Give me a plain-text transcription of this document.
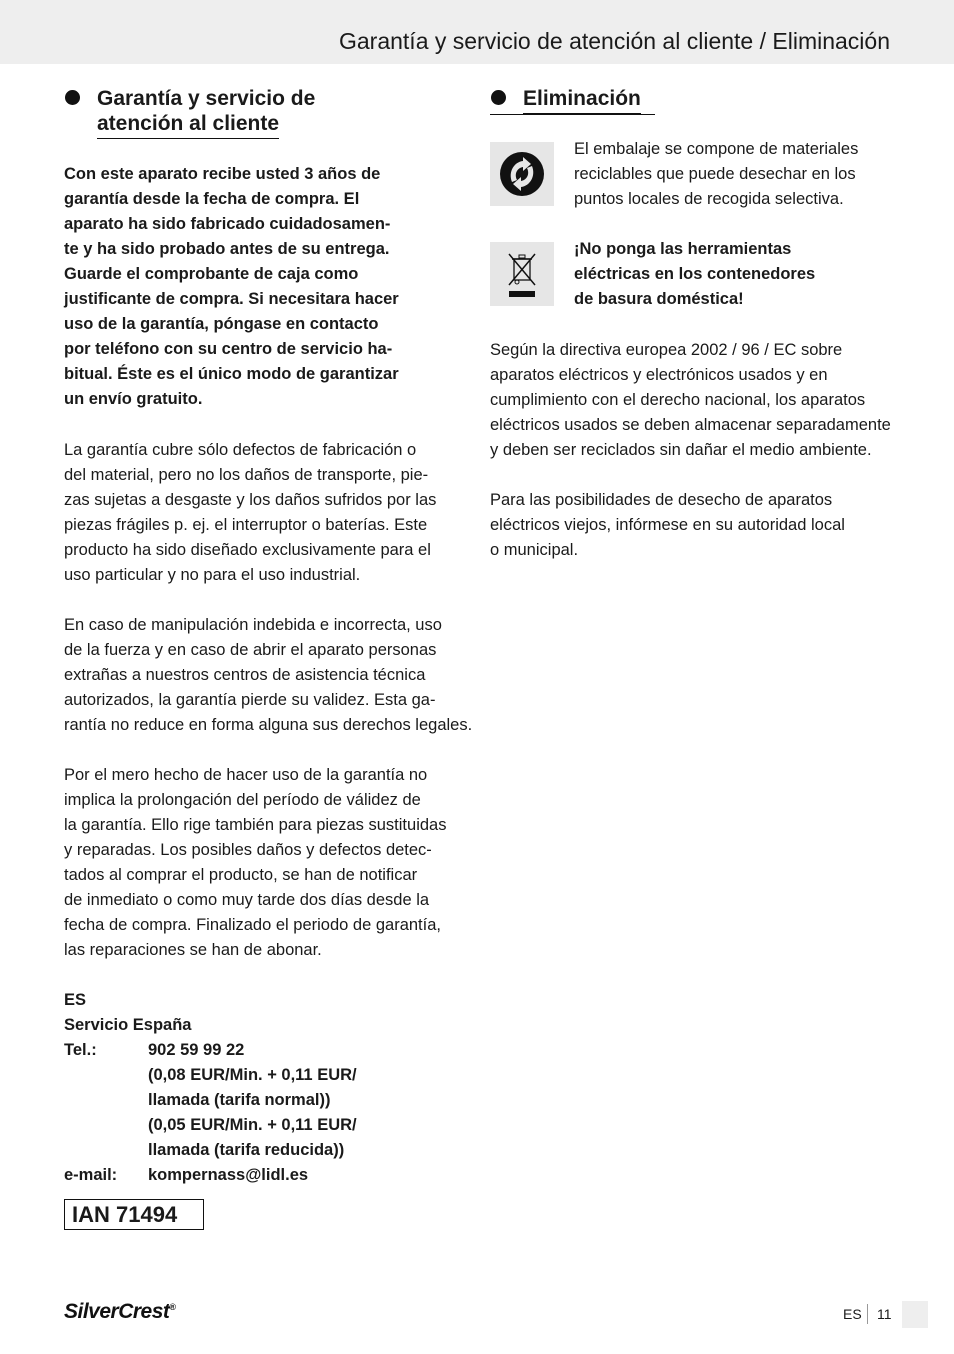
Garantía y servicio de atención al cliente / Eliminación
Garantía y servicio de
atención al cliente
Con este aparato recibe usted 3 años de
garantía desde la fecha de compra. El
aparato ha sido fabricado cuidadosamen-
te y ha sido probado antes de su entrega.
Guarde el comprobante de caja como
justificante de compra. Si necesitara hacer
uso de la garantía, póngase en contacto
por teléfono con su centro de servicio ha-
bitual. Éste es el único modo de garantizar
un envío gratuito.
La garantía cubre sólo defectos de fabricación o
del material, pero no los daños de transporte, pie-
zas sujetas a desgaste y los daños sufridos por las
piezas frágiles p. ej. el interruptor o baterías. Este
producto ha sido diseñado exclusivamente para el
uso particular y no para el uso industrial.
En caso de manipulación indebida e incorrecta, uso
de la fuerza y en caso de abrir el aparato personas
extrañas a nuestros centros de asistencia técnica
autorizados, la garantía pierde su validez. Esta ga-
rantía no reduce en forma alguna sus derechos legales.
Por el mero hecho de hacer uso de la garantía no
implica la prolongación del período de válidez de
la garantía. Ello rige también para piezas sustituidas
y reparadas. Los posibles daños y defectos detec-
tados al comprar el producto, se han de notificar
de inmediato o como muy tarde dos días desde la
fecha de compra. Finalizado el periodo de garantía,
las reparaciones se han de abonar.
ES
Servicio España
Tel.:	902 59 99 22
(0,08 EUR/Min. + 0,11 EUR/
llamada (tarifa normal))
(0,05 EUR/Min. + 0,11 EUR/
llamada (tarifa reducida))
e-mail:	kompernass@lidl.es
IAN 71494
Eliminación
El embalaje se compone de materiales
reciclables que puede desechar en los
puntos locales de recogida selectiva.
¡No ponga las herramientas
eléctricas en los contenedores
de basura doméstica!
Según la directiva europea 2002 / 96 / EC sobre
aparatos eléctricos y electrónicos usados y en
cumplimiento con el derecho nacional, los aparatos
eléctricos usados se deben almacenar separadamente
y deben ser reciclados sin dañar el medio ambiente.
Para las posibilidades de desecho de aparatos
eléctricos viejos, infórmese en su autoridad local
o municipal.
SilverCrest®	ES 11
